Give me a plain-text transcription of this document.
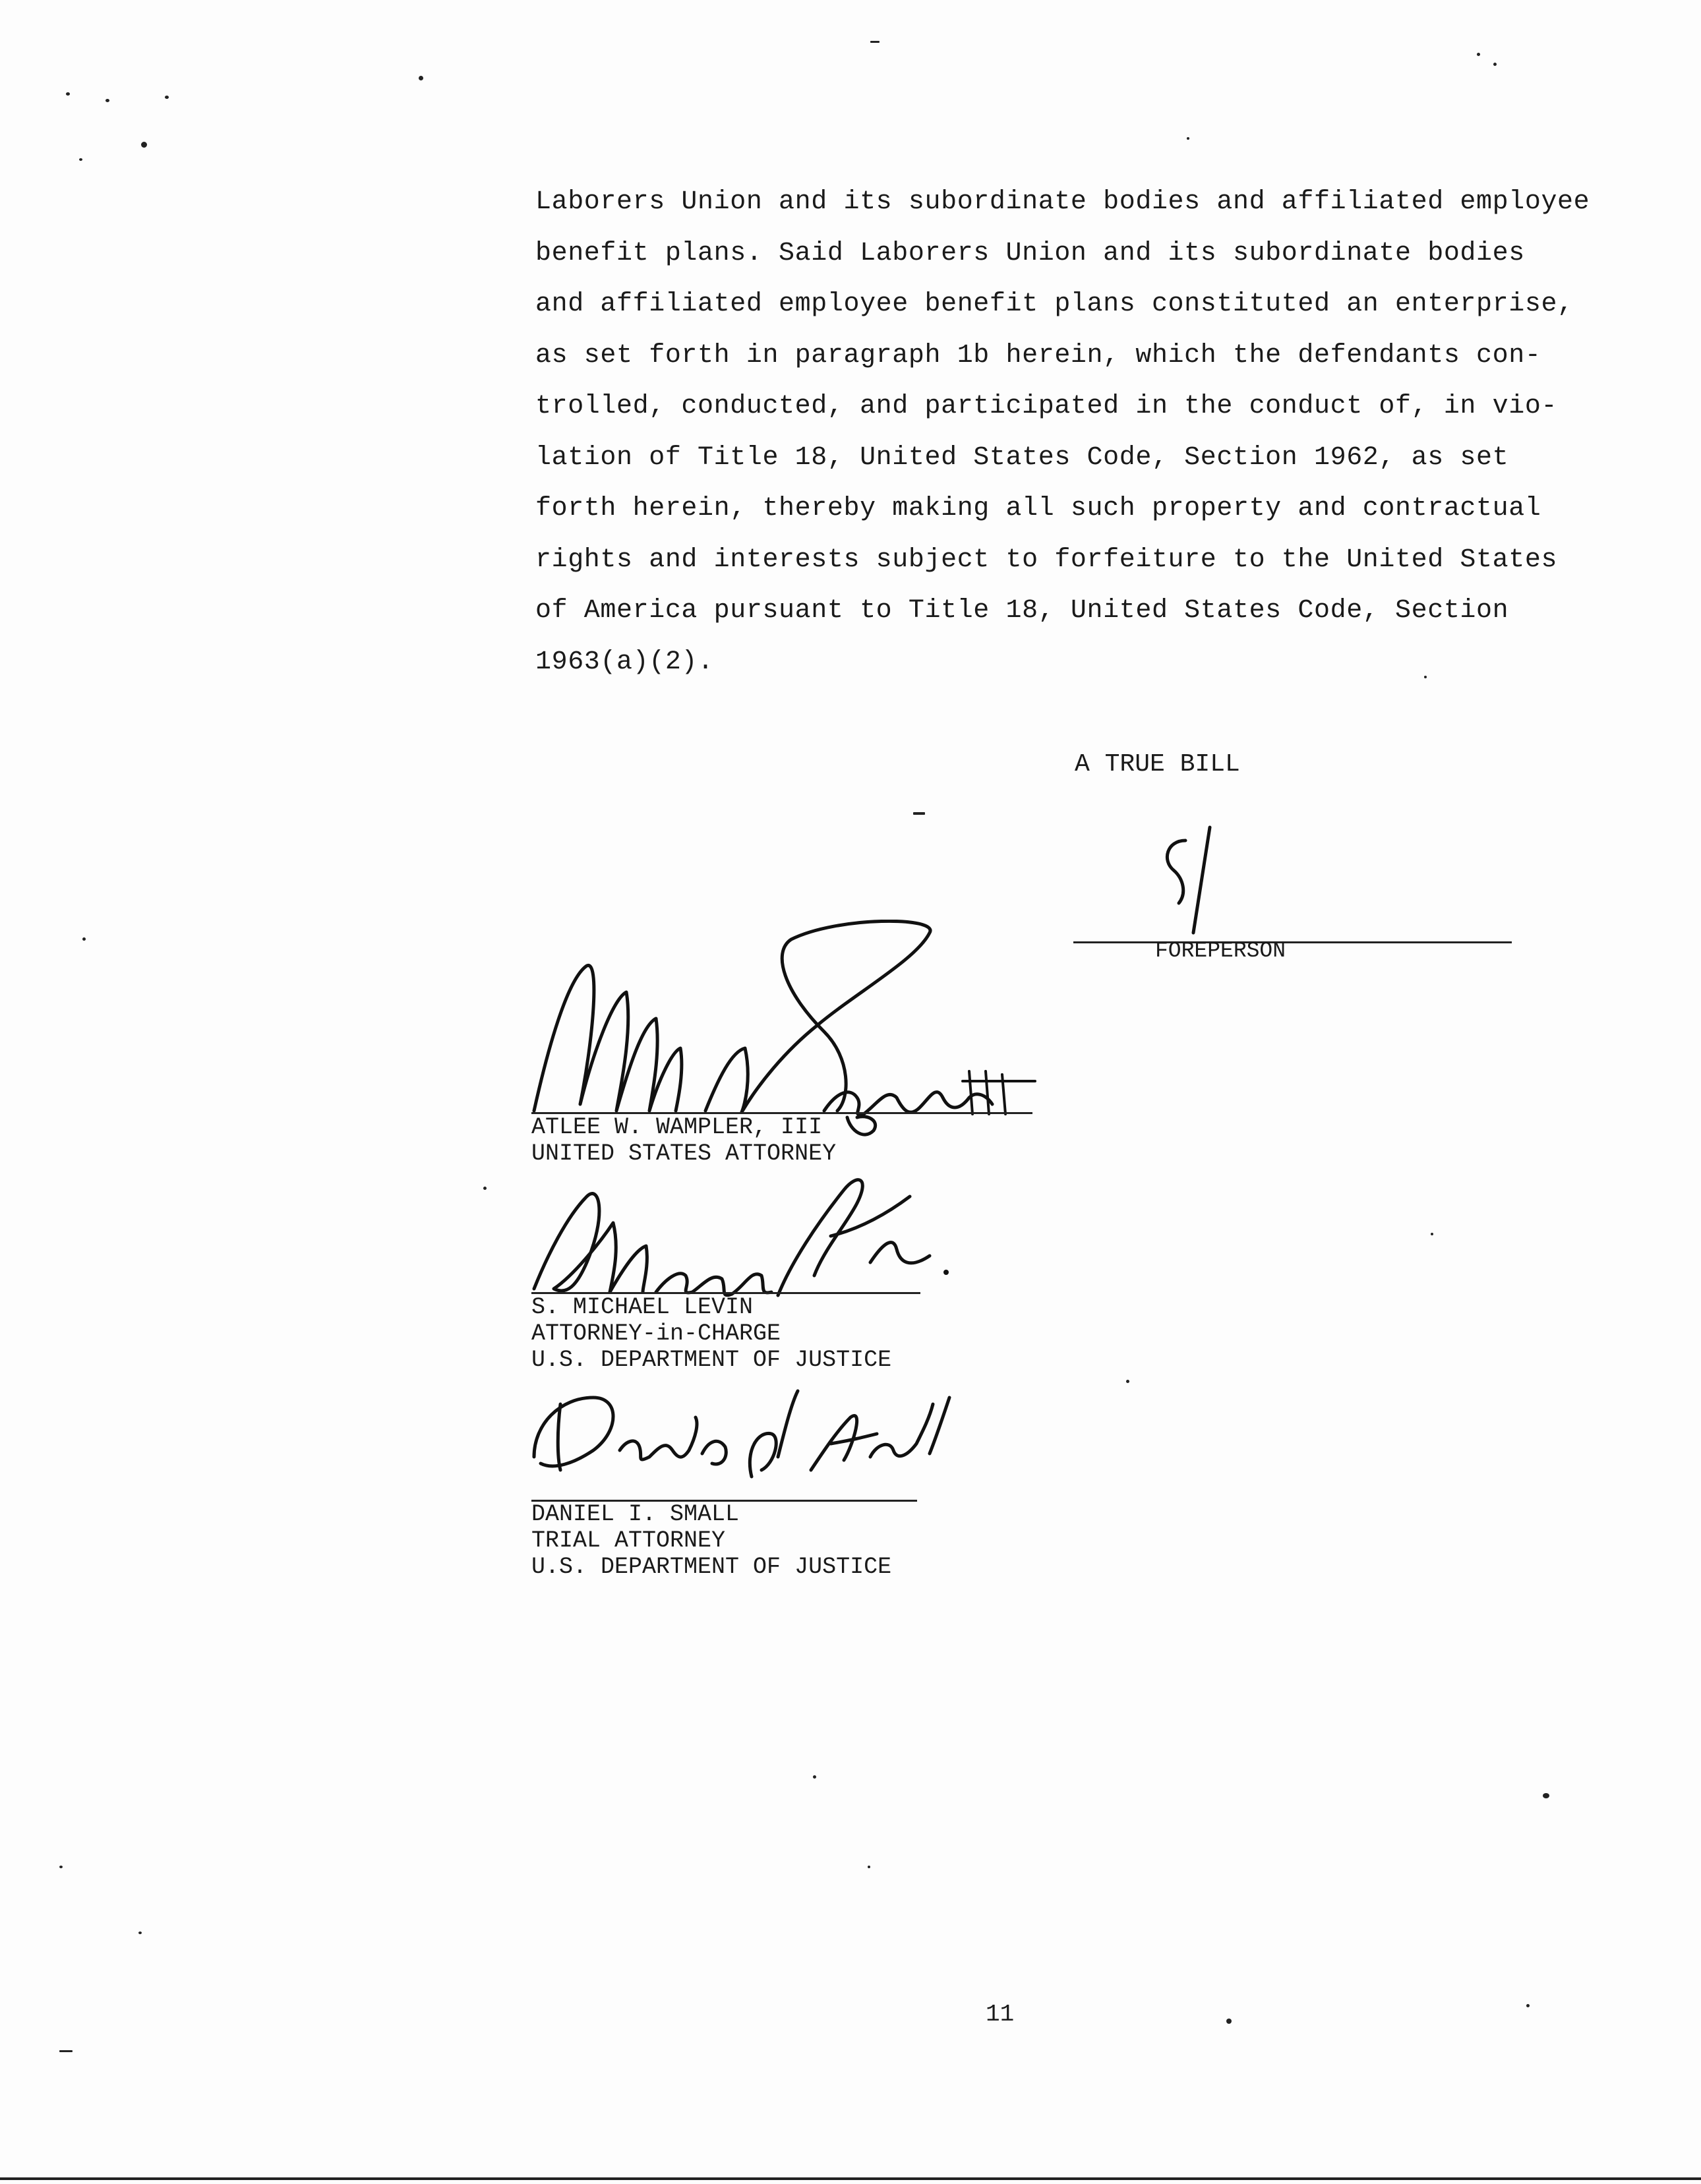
Laborers Union and its subordinate bodies and affiliated employee
benefit plans. Said Laborers Union and its subordinate bodies
and affiliated employee benefit plans constituted an enterprise,
as set forth in paragraph 1b herein, which the defendants con-
trolled, conducted, and participated in the conduct of, in vio-
lation of Title 18, United States Code, Section 1962, as set
forth herein, thereby making all such property and contractual
rights and interests subject to forfeiture to the United States
of America pursuant to Title 18, United States Code, Section
1963(a)(2).

A TRUE BILL
FOREPERSON
ATLEE W. WAMPLER, III
UNITED STATES ATTORNEY
S. MICHAEL LEVIN
ATTORNEY-in-CHARGE
U.S. DEPARTMENT OF JUSTICE
DANIEL I. SMALL
TRIAL ATTORNEY
U.S. DEPARTMENT OF JUSTICE
11
